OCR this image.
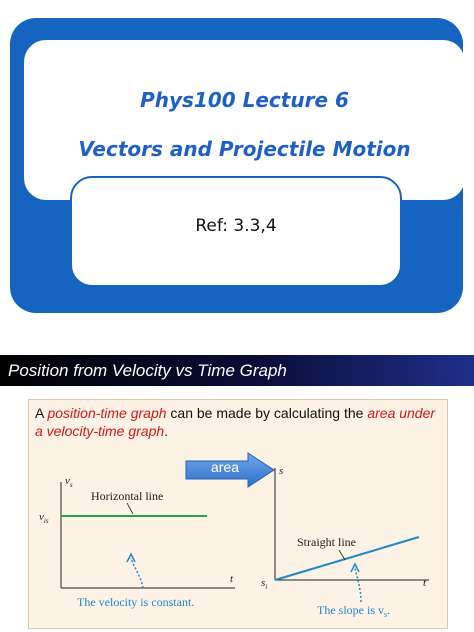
Phys100 Lecture 6
Vectors and Projectile Motion
Ref: 3.3,4
Position from Velocity vs Time Graph
A position-time graph can be made by calculating the area under a velocity-time graph.
area
$v_s$
$v_{is}$
Horizontal line
t
The velocity is constant.
s
$s_i$
Straight line
t
The slope is $v_s$.
